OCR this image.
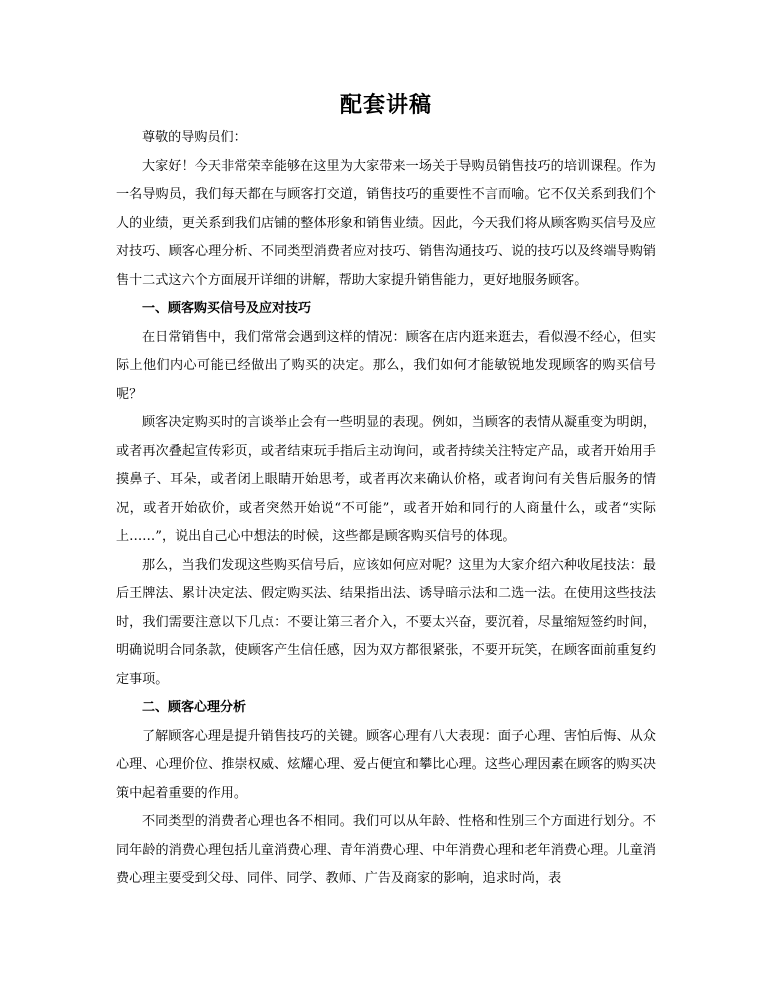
配套讲稿

尊敬的导购员们：

大家好！今天非常荣幸能够在这里为大家带来一场关于导购员销售技巧的培训课程。作为一名导购员，我们每天都在与顾客打交道，销售技巧的重要性不言而喻。它不仅关系到我们个人的业绩，更关系到我们店铺的整体形象和销售业绩。因此，今天我们将从顾客购买信号及应对技巧、顾客心理分析、不同类型消费者应对技巧、销售沟通技巧、说的技巧以及终端导购销售十二式这六个方面展开详细的讲解，帮助大家提升销售能力，更好地服务顾客。

一、顾客购买信号及应对技巧

在日常销售中，我们常常会遇到这样的情况：顾客在店内逛来逛去，看似漫不经心，但实际上他们内心可能已经做出了购买的决定。那么，我们如何才能敏锐地发现顾客的购买信号呢？

顾客决定购买时的言谈举止会有一些明显的表现。例如，当顾客的表情从凝重变为明朗，或者再次叠起宣传彩页，或者结束玩手指后主动询问，或者持续关注特定产品，或者开始用手摸鼻子、耳朵，或者闭上眼睛开始思考，或者再次来确认价格，或者询问有关售后服务的情况，或者开始砍价，或者突然开始说“不可能”，或者开始和同行的人商量什么，或者“实际上……”，说出自己心中想法的时候，这些都是顾客购买信号的体现。

那么，当我们发现这些购买信号后，应该如何应对呢？这里为大家介绍六种收尾技法：最后王牌法、累计决定法、假定购买法、结果指出法、诱导暗示法和二选一法。在使用这些技法时，我们需要注意以下几点：不要让第三者介入，不要太兴奋，要沉着，尽量缩短签约时间，明确说明合同条款，使顾客产生信任感，因为双方都很紧张，不要开玩笑，在顾客面前重复约定事项。

二、顾客心理分析

了解顾客心理是提升销售技巧的关键。顾客心理有八大表现：面子心理、害怕后悔、从众心理、心理价位、推崇权威、炫耀心理、爱占便宜和攀比心理。这些心理因素在顾客的购买决策中起着重要的作用。

不同类型的消费者心理也各不相同。我们可以从年龄、性格和性别三个方面进行划分。不同年龄的消费心理包括儿童消费心理、青年消费心理、中年消费心理和老年消费心理。儿童消费心理主要受到父母、同伴、同学、教师、广告及商家的影响，追求时尚，表
